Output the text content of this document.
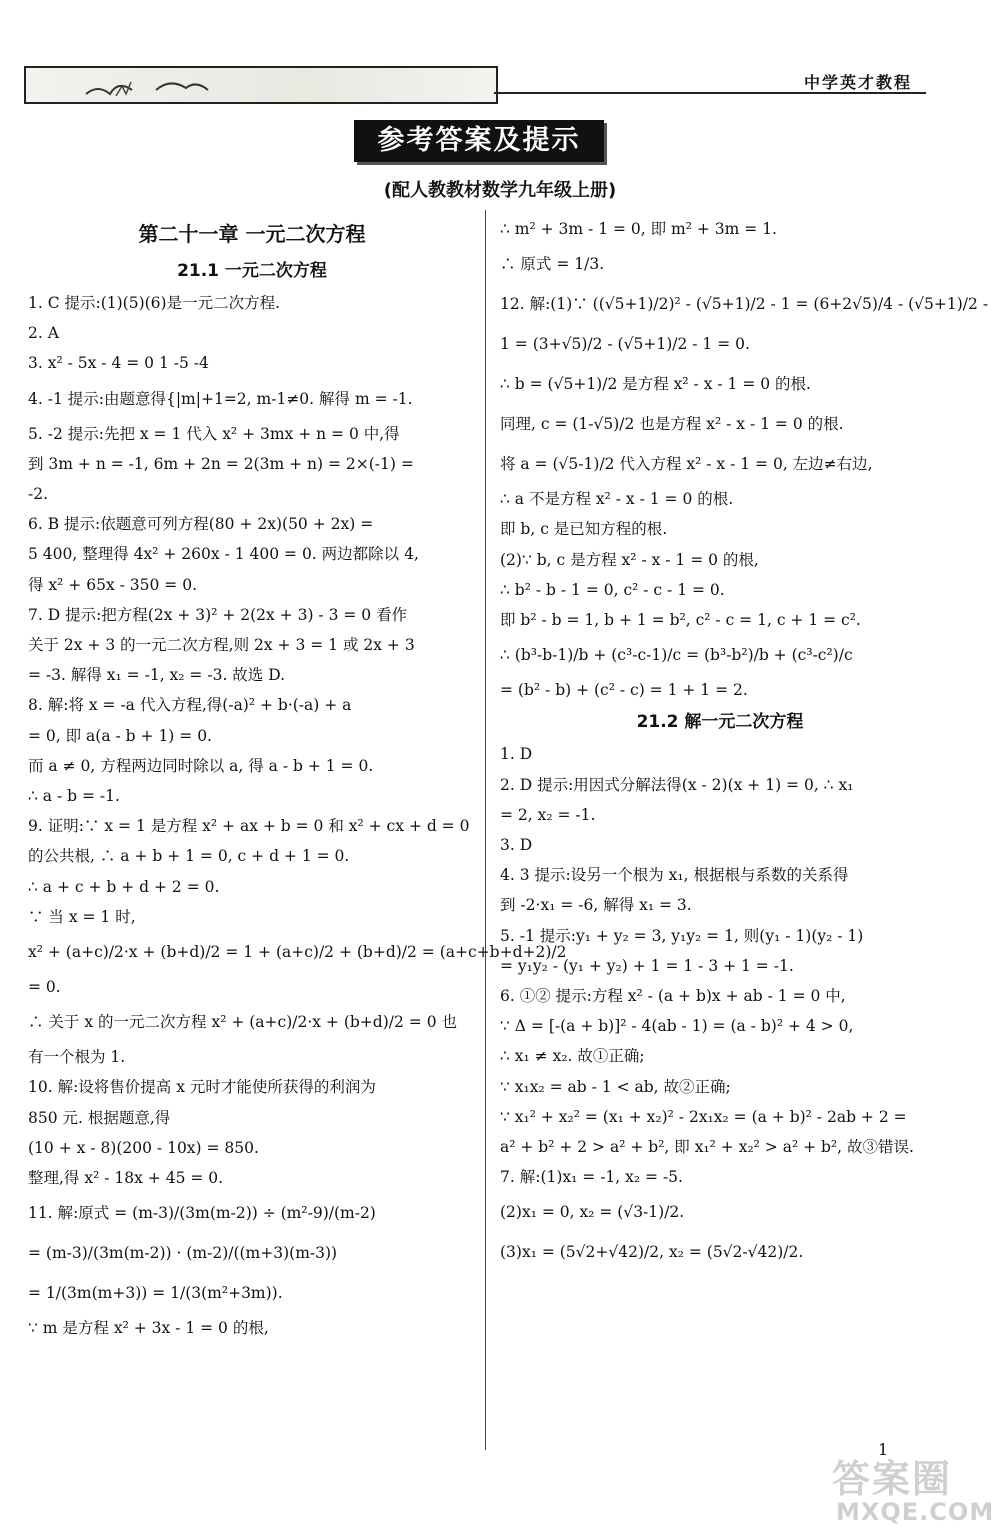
中学英才教程
参考答案及提示
(配人教教材数学九年级上册)
第二十一章 一元二次方程
21.1 一元二次方程
1. C 提示:(1)(5)(6)是一元二次方程.
2. A
3. x² - 5x - 4 = 0 1 -5 -4
4. -1 提示:由题意得{|m|+1=2, m-1≠0. 解得 m = -1.
5. -2 提示:先把 x = 1 代入 x² + 3mx + n = 0 中,得
到 3m + n = -1, 6m + 2n = 2(3m + n) = 2×(-1) =
-2.
6. B 提示:依题意可列方程(80 + 2x)(50 + 2x) =
5 400, 整理得 4x² + 260x - 1 400 = 0. 两边都除以 4,
得 x² + 65x - 350 = 0.
7. D 提示:把方程(2x + 3)² + 2(2x + 3) - 3 = 0 看作
关于 2x + 3 的一元二次方程,则 2x + 3 = 1 或 2x + 3
= -3. 解得 x₁ = -1, x₂ = -3. 故选 D.
8. 解:将 x = -a 代入方程,得(-a)² + b·(-a) + a
= 0, 即 a(a - b + 1) = 0.
而 a ≠ 0, 方程两边同时除以 a, 得 a - b + 1 = 0.
∴ a - b = -1.
9. 证明:∵ x = 1 是方程 x² + ax + b = 0 和 x² + cx + d = 0
的公共根, ∴ a + b + 1 = 0, c + d + 1 = 0.
∴ a + c + b + d + 2 = 0.
∵ 当 x = 1 时,
x² + (a+c)/2·x + (b+d)/2 = 1 + (a+c)/2 + (b+d)/2 = (a+c+b+d+2)/2
= 0.
∴ 关于 x 的一元二次方程 x² + (a+c)/2·x + (b+d)/2 = 0 也
有一个根为 1.
10. 解:设将售价提高 x 元时才能使所获得的利润为
850 元. 根据题意,得
(10 + x - 8)(200 - 10x) = 850.
整理,得 x² - 18x + 45 = 0.
11. 解:原式 = (m-3)/(3m(m-2)) ÷ (m²-9)/(m-2)
= (m-3)/(3m(m-2)) · (m-2)/((m+3)(m-3))
= 1/(3m(m+3)) = 1/(3(m²+3m)).
∵ m 是方程 x² + 3x - 1 = 0 的根,
∴ m² + 3m - 1 = 0, 即 m² + 3m = 1.
∴ 原式 = 1/3.
12. 解:(1)∵ ((√5+1)/2)² - (√5+1)/2 - 1 = (6+2√5)/4 - (√5+1)/2 -
1 = (3+√5)/2 - (√5+1)/2 - 1 = 0.
∴ b = (√5+1)/2 是方程 x² - x - 1 = 0 的根.
同理, c = (1-√5)/2 也是方程 x² - x - 1 = 0 的根.
将 a = (√5-1)/2 代入方程 x² - x - 1 = 0, 左边≠右边,
∴ a 不是方程 x² - x - 1 = 0 的根.
即 b, c 是已知方程的根.
(2)∵ b, c 是方程 x² - x - 1 = 0 的根,
∴ b² - b - 1 = 0, c² - c - 1 = 0.
即 b² - b = 1, b + 1 = b², c² - c = 1, c + 1 = c².
∴ (b³-b-1)/b + (c³-c-1)/c = (b³-b²)/b + (c³-c²)/c
= (b² - b) + (c² - c) = 1 + 1 = 2.
21.2 解一元二次方程
1. D
2. D 提示:用因式分解法得(x - 2)(x + 1) = 0, ∴ x₁
= 2, x₂ = -1.
3. D
4. 3 提示:设另一个根为 x₁, 根据根与系数的关系得
到 -2·x₁ = -6, 解得 x₁ = 3.
5. -1 提示:y₁ + y₂ = 3, y₁y₂ = 1, 则(y₁ - 1)(y₂ - 1)
= y₁y₂ - (y₁ + y₂) + 1 = 1 - 3 + 1 = -1.
6. ①② 提示:方程 x² - (a + b)x + ab - 1 = 0 中,
∵ Δ = [-(a + b)]² - 4(ab - 1) = (a - b)² + 4 > 0,
∴ x₁ ≠ x₂. 故①正确;
∵ x₁x₂ = ab - 1 < ab, 故②正确;
∵ x₁² + x₂² = (x₁ + x₂)² - 2x₁x₂ = (a + b)² - 2ab + 2 =
a² + b² + 2 > a² + b², 即 x₁² + x₂² > a² + b², 故③错误.
7. 解:(1)x₁ = -1, x₂ = -5.
(2)x₁ = 0, x₂ = (√3-1)/2.
(3)x₁ = (5√2+√42)/2, x₂ = (5√2-√42)/2.
1
答案圈
MXQE.COM
